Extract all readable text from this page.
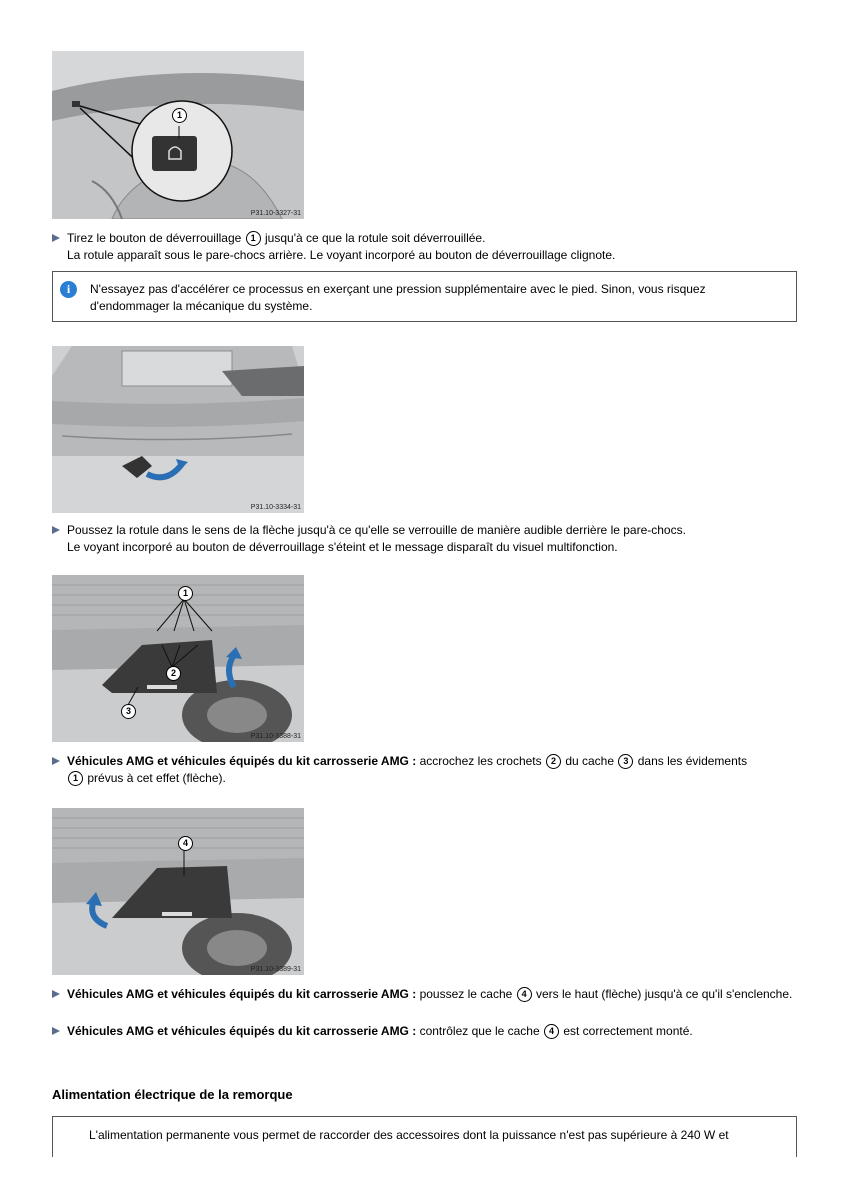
1
P31.10-3327-31
Tirez le bouton de déverrouillage 1 jusqu'à ce que la rotule soit déverrouillée.
La rotule apparaît sous le pare-chocs arrière. Le voyant incorporé au bouton de déverrouillage clignote.
i	N'essayez pas d'accélérer ce processus en exerçant une pression supplémentaire avec le pied. Sinon, vous risquez d'endommager la mécanique du système.
P31.10-3334-31
Poussez la rotule dans le sens de la flèche jusqu'à ce qu'elle se verrouille de manière audible derrière le pare-chocs.
Le voyant incorporé au bouton de déverrouillage s'éteint et le message disparaît du visuel multifonction.
1
2
3
P31.10-3388-31
Véhicules AMG et véhicules équipés du kit carrosserie AMG : accrochez les crochets 2 du cache 3 dans les évidements
1 prévus à cet effet (flèche).
4
P31.10-3389-31
Véhicules AMG et véhicules équipés du kit carrosserie AMG : poussez le cache 4 vers le haut (flèche) jusqu'à ce qu'il s'enclenche.
Véhicules AMG et véhicules équipés du kit carrosserie AMG : contrôlez que le cache 4 est correctement monté.
Alimentation électrique de la remorque
L'alimentation permanente vous permet de raccorder des accessoires dont la puissance n'est pas supérieure à 240 W et
